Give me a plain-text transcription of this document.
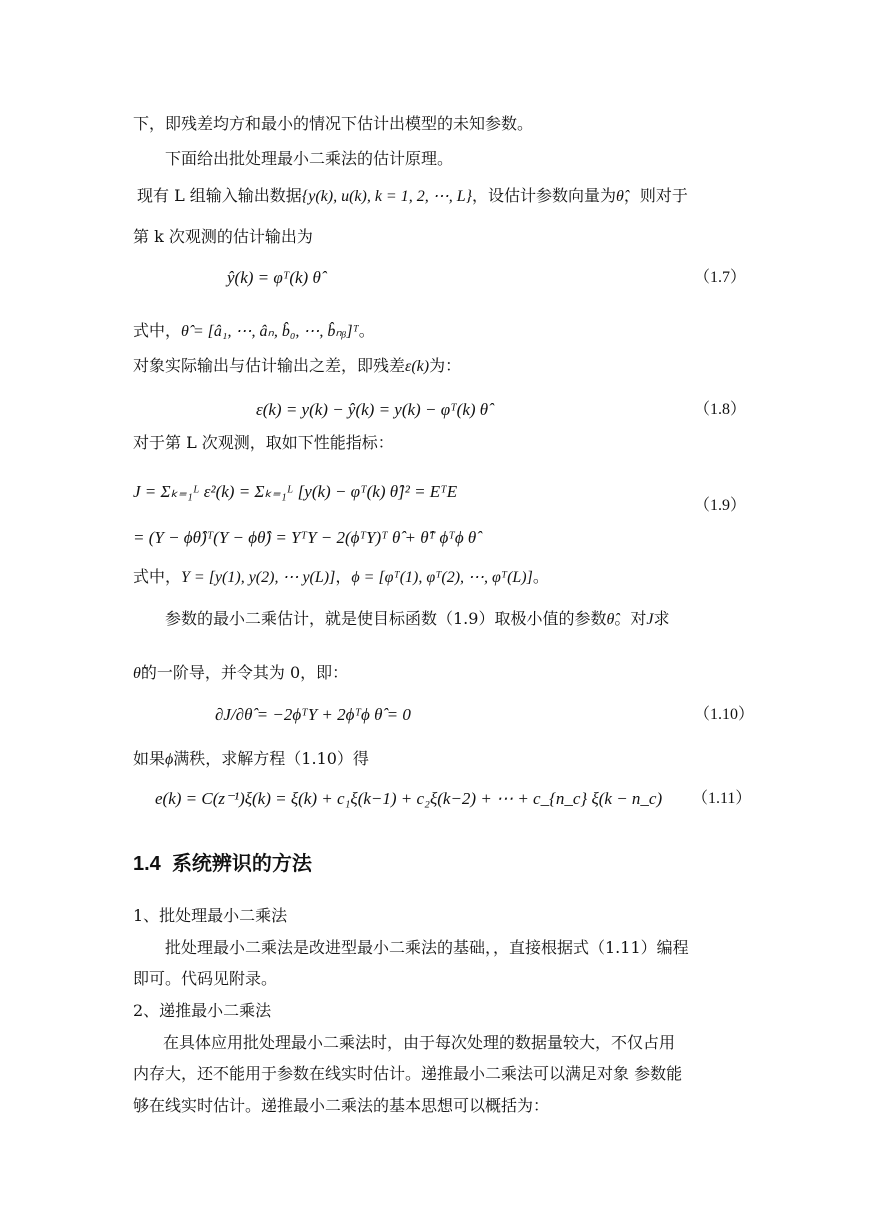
下，即残差均方和最小的情况下估计出模型的未知参数。
下面给出批处理最小二乘法的估计原理。
现有 L 组输入输出数据{y(k), u(k), k = 1, 2, ⋯, L}，设估计参数向量为θ̂，则对于
第 k 次观测的估计输出为
ŷ(k) = φᵀ(k) θ̂	（1.7）
式中，θ̂ = [â₁, ⋯, âₙ, b̂₀, ⋯, b̂ₙᵦ]ᵀ。
对象实际输出与估计输出之差，即残差ε(k)为：
ε(k) = y(k) − ŷ(k) = y(k) − φᵀ(k) θ̂	（1.8）
对于第 L 次观测，取如下性能指标：
J = Σₖ₌₁ᴸ ε²(k) = Σₖ₌₁ᴸ [y(k) − φᵀ(k) θ̂]² = EᵀE
（1.9）
= (Y − ϕθ̂)ᵀ(Y − ϕθ̂) = YᵀY − 2(ϕᵀY)ᵀ θ̂ + θ̂ᵀ ϕᵀϕ θ̂
式中，Y = [y(1), y(2), ⋯ y(L)]，ϕ = [φᵀ(1), φᵀ(2), ⋯, φᵀ(L)]。
参数的最小二乘估计，就是使目标函数（1.9）取极小值的参数θ̂。对J求
θ̂的一阶导，并令其为 0，即：
∂J/∂θ̂ = −2ϕᵀY + 2ϕᵀϕ θ̂ = 0	（1.10）
如果ϕ满秩，求解方程（1.10）得
e(k) = C(z⁻¹)ξ(k) = ξ(k) + c₁ξ(k−1) + c₂ξ(k−2) + ⋯ + c_{n_c} ξ(k − n_c) （1.11）
1.4 系统辨识的方法
1、批处理最小二乘法
批处理最小二乘法是改进型最小二乘法的基础，，直接根据式（1.11）编程
即可。代码见附录。
2、递推最小二乘法
在具体应用批处理最小二乘法时，由于每次处理的数据量较大，不仅占用
内存大，还不能用于参数在线实时估计。递推最小二乘法可以满足对象 参数能
够在线实时估计。递推最小二乘法的基本思想可以概括为：
